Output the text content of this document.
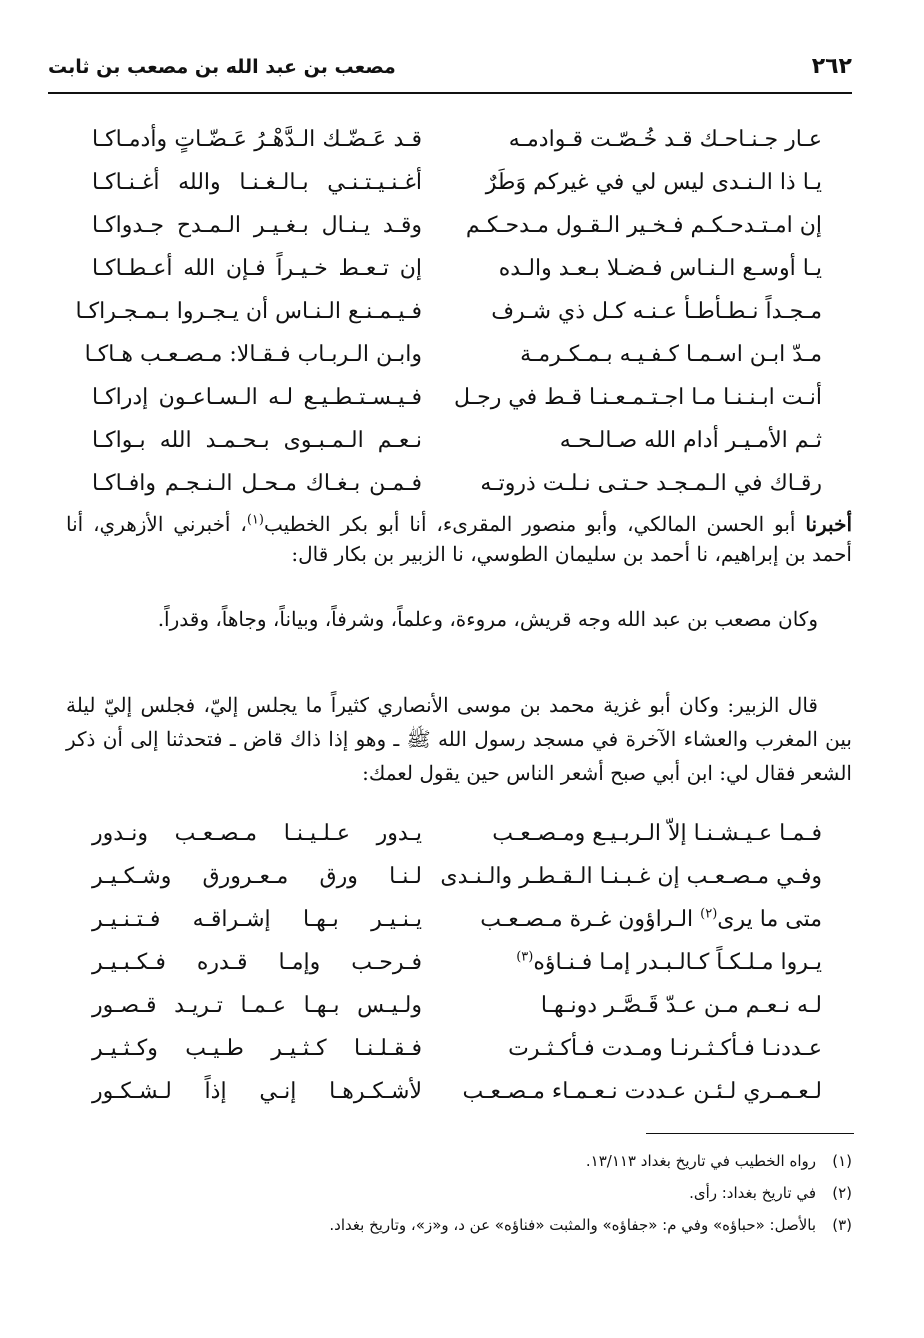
٢٦٢
مصعب بن عبد الله بن مصعب بن ثابت
عـار جـنـاحـك قـد خُـصّـت قـوادمـه
قـد عَـضّـك الـدَّهْـرُ عَـضّـاتٍ وأدمـاكـا
يـا ذا الـنـدى ليس لي في غيركم وَطَرٌ
أغـنـيـتـنـي بـالـغـنـا والله أغـنـاكـا
إن امـتـدحـكـم فـخـير الـقـول مـدحـكـم
وقـد يـنـال بـغـيـر الـمـدح جـدواكـا
يـا أوسـع الـنـاس فـضـلا بـعـد والـده
إن تـعـط خـيـراً فـإن الله أعـطـاكـا
مـجـداً نـطـأطـأ عـنـه كـل ذي شـرف
فـيـمـنـع الـنـاس أن يـجـروا بـمـجـراكـا
مـدّ ابـن اسـمـا كـفـيـه بـمـكـرمـة
وابـن الـربـاب فـقـالا: مـصـعـب هـاكـا
أنـت ابـنـنـا مـا اجـتـمـعـنـا قـط في رجـل
فـيـسـتـطـيـع لـه الـسـاعـون إدراكـا
ثـم الأمـيـر أدام الله صـالـحـه
نـعـم الـمـبـوى بـحـمـد الله بـواكـا
رقـاك في الـمـجـد حـتـى نـلـت ذروتـه
فـمـن بـغـاك مـحـل الـنـجـم وافـاكـا
أخبرنا أبو الحسن المالكي، وأبو منصور المقرىء، أنا أبو بكر الخطيب$^{(١)}$، أخبرني الأزهري، أنا أحمد بن إبراهيم، نا أحمد بن سليمان الطوسي، نا الزبير بن بكار قال:
وكان مصعب بن عبد الله وجه قريش، مروءة، وعلماً، وشرفاً، وبياناً، وجاهاً، وقدراً.
قال الزبير: وكان أبو غزية محمد بن موسى الأنصاري كثيراً ما يجلس إليّ، فجلس إليّ ليلة بين المغرب والعشاء الآخرة في مسجد رسول الله ﷺ ـ وهو إذا ذاك قاض ـ فتحدثنا إلى أن ذكر الشعر فقال لي: ابن أبي صبح أشعر الناس حين يقول لعمك:
فـمـا عـيـشـنـا إلاّ الـربـيـع ومـصـعـب
يـدور عـلـيـنـا مـصـعـب ونـدور
وفـي مـصـعـب إن غـبـنـا الـقـطـر والـنـدى
لـنـا ورق مـعـرورق وشـكـيـر
متى ما يرى$^{(٢)}$ الـراؤون غـرة مـصـعـب
يـنـيـر بـهـا إشـراقـه فـتـنـيـر
يـروا مـلـكـاً كـالـبـدر إمـا فـنـاؤه$^{(٣)}$
فـرحـب وإمـا قـدره فـكـبـيـر
لـه نـعـم مـن عـدّ قَـصَّـر دونـهـا
ولـيـس بـهـا عـمـا تـريـد قـصـور
عـددنـا فـأكـثـرنـا ومـدت فـأكـثـرت
فـقـلـنـا كـثـيـر طـيـب وكـثـيـر
لـعـمـري لـئـن عـددت نـعـمـاء مـصـعـب
لأشـكـرهـا إنـي إذاً لـشـكـور
(١)رواه الخطيب في تاريخ بغداد ١٣/١١٣.
(٢)في تاريخ بغداد: رأى.
(٣)بالأصل: «حباؤه» وفي م: «جفاؤه» والمثبت «فناؤه» عن د، و«ز»، وتاريخ بغداد.
